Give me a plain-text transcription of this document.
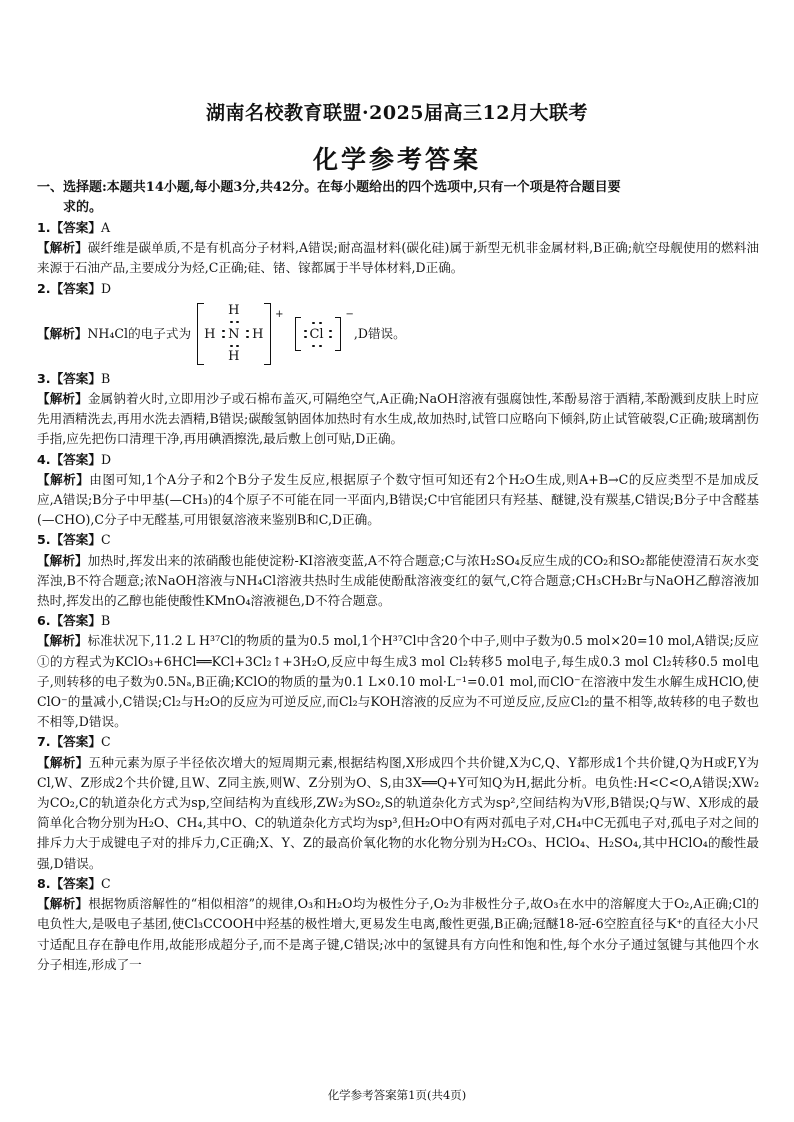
湖南名校教育联盟·2025届高三12月大联考
化学参考答案

一、选择题:本题共14小题,每小题3分,共42分。在每小题给出的四个选项中,只有一个项是符合题目要
求的。

1.【答案】A

【解析】碳纤维是碳单质,不是有机高分子材料,A错误;耐高温材料(碳化硅)属于新型无机非金属材料,B正确;航空母舰使用的燃料油来源于石油产品,主要成分为烃,C正确;硅、锗、镓都属于半导体材料,D正确。

2.【答案】D

【解析】 NH₄Cl的电子式为
H
H N H
H
+
Cl
−
,D错误。

3.【答案】B

【解析】金属钠着火时,立即用沙子或石棉布盖灭,可隔绝空气,A正确;NaOH溶液有强腐蚀性,苯酚易溶于酒精,苯酚溅到皮肤上时应先用酒精洗去,再用水洗去酒精,B错误;碳酸氢钠固体加热时有水生成,故加热时,试管口应略向下倾斜,防止试管破裂,C正确;玻璃割伤手指,应先把伤口清理干净,再用碘酒擦洗,最后敷上创可贴,D正确。

4.【答案】D

【解析】由图可知,1个A分子和2个B分子发生反应,根据原子个数守恒可知还有2个H₂O生成,则A+B→C的反应类型不是加成反应,A错误;B分子中甲基(—CH₃)的4个原子不可能在同一平面内,B错误;C中官能团只有羟基、醚键,没有羰基,C错误;B分子中含醛基(—CHO),C分子中无醛基,可用银氨溶液来鉴别B和C,D正确。

5.【答案】C

【解析】加热时,挥发出来的浓硝酸也能使淀粉-KI溶液变蓝,A不符合题意;C与浓H₂SO₄反应生成的CO₂和SO₂都能使澄清石灰水变浑浊,B不符合题意;浓NaOH溶液与NH₄Cl溶液共热时生成能使酚酞溶液变红的氨气,C符合题意;CH₃CH₂Br与NaOH乙醇溶液加热时,挥发出的乙醇也能使酸性KMnO₄溶液褪色,D不符合题意。

6.【答案】B

【解析】标准状况下,11.2 L H³⁷Cl的物质的量为0.5 mol,1个H³⁷Cl中含20个中子,则中子数为0.5 mol×20=10 mol,A错误;反应①的方程式为KClO₃+6HCl══KCl+3Cl₂↑+3H₂O,反应中每生成3 mol Cl₂转移5 mol电子,每生成0.3 mol Cl₂转移0.5 mol电子,则转移的电子数为0.5Nₐ,B正确;KClO的物质的量为0.1 L×0.10 mol·L⁻¹=0.01 mol,而ClO⁻在溶液中发生水解生成HClO,使ClO⁻的量减小,C错误;Cl₂与H₂O的反应为可逆反应,而Cl₂与KOH溶液的反应为不可逆反应,反应Cl₂的量不相等,故转移的电子数也不相等,D错误。

7.【答案】C

【解析】五种元素为原子半径依次增大的短周期元素,根据结构图,X形成四个共价键,X为C,Q、Y都形成1个共价键,Q为H或F,Y为Cl,W、Z形成2个共价键,且W、Z同主族,则W、Z分别为O、S,由3X══Q+Y可知Q为H,据此分析。电负性:H<C<O,A错误;XW₂为CO₂,C的轨道杂化方式为sp,空间结构为直线形,ZW₂为SO₂,S的轨道杂化方式为sp²,空间结构为V形,B错误;Q与W、X形成的最简单化合物分别为H₂O、CH₄,其中O、C的轨道杂化方式均为sp³,但H₂O中O有两对孤电子对,CH₄中C无孤电子对,孤电子对之间的排斥力大于成键电子对的排斥力,C正确;X、Y、Z的最高价氧化物的水化物分别为H₂CO₃、HClO₄、H₂SO₄,其中HClO₄的酸性最强,D错误。

8.【答案】C

【解析】根据物质溶解性的“相似相溶”的规律,O₃和H₂O均为极性分子,O₂为非极性分子,故O₃在水中的溶解度大于O₂,A正确;Cl的电负性大,是吸电子基团,使Cl₃CCOOH中羟基的极性增大,更易发生电离,酸性更强,B正确;冠醚18-冠-6空腔直径与K⁺的直径大小尺寸适配且存在静电作用,故能形成超分子,而不是离子键,C错误;冰中的氢键具有方向性和饱和性,每个水分子通过氢键与其他四个水分子相连,形成了一

化学参考答案第1页(共4页)
